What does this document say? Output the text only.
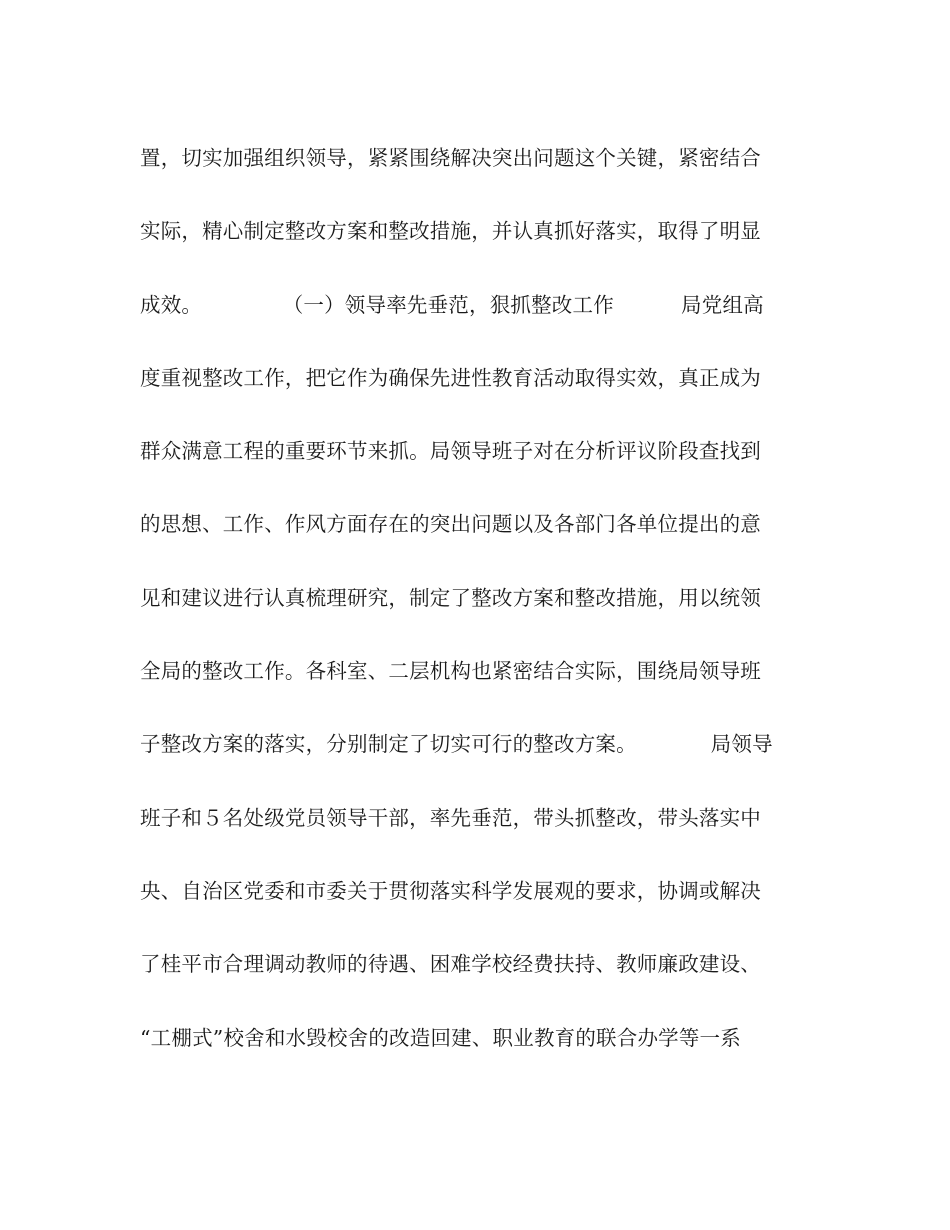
置，切实加强组织领导，紧紧围绕解决突出问题这个关键，紧密结合
实际，精心制定整改方案和整改措施，并认真抓好落实，取得了明显
成效。            （一）领导率先垂范，狠抓整改工作          局党组高
度重视整改工作，把它作为确保先进性教育活动取得实效，真正成为
群众满意工程的重要环节来抓。局领导班子对在分析评议阶段查找到
的思想、工作、作风方面存在的突出问题以及各部门各单位提出的意
见和建议进行认真梳理研究，制定了整改方案和整改措施，用以统领
全局的整改工作。各科室、二层机构也紧密结合实际，围绕局领导班
子整改方案的落实，分别制定了切实可行的整改方案。           局领导
班子和５名处级党员领导干部，率先垂范，带头抓整改，带头落实中
央、自治区党委和市委关于贯彻落实科学发展观的要求，协调或解决
了桂平市合理调动教师的待遇、困难学校经费扶持、教师廉政建设、
“工棚式”校舍和水毁校舍的改造回建、职业教育的联合办学等一系
